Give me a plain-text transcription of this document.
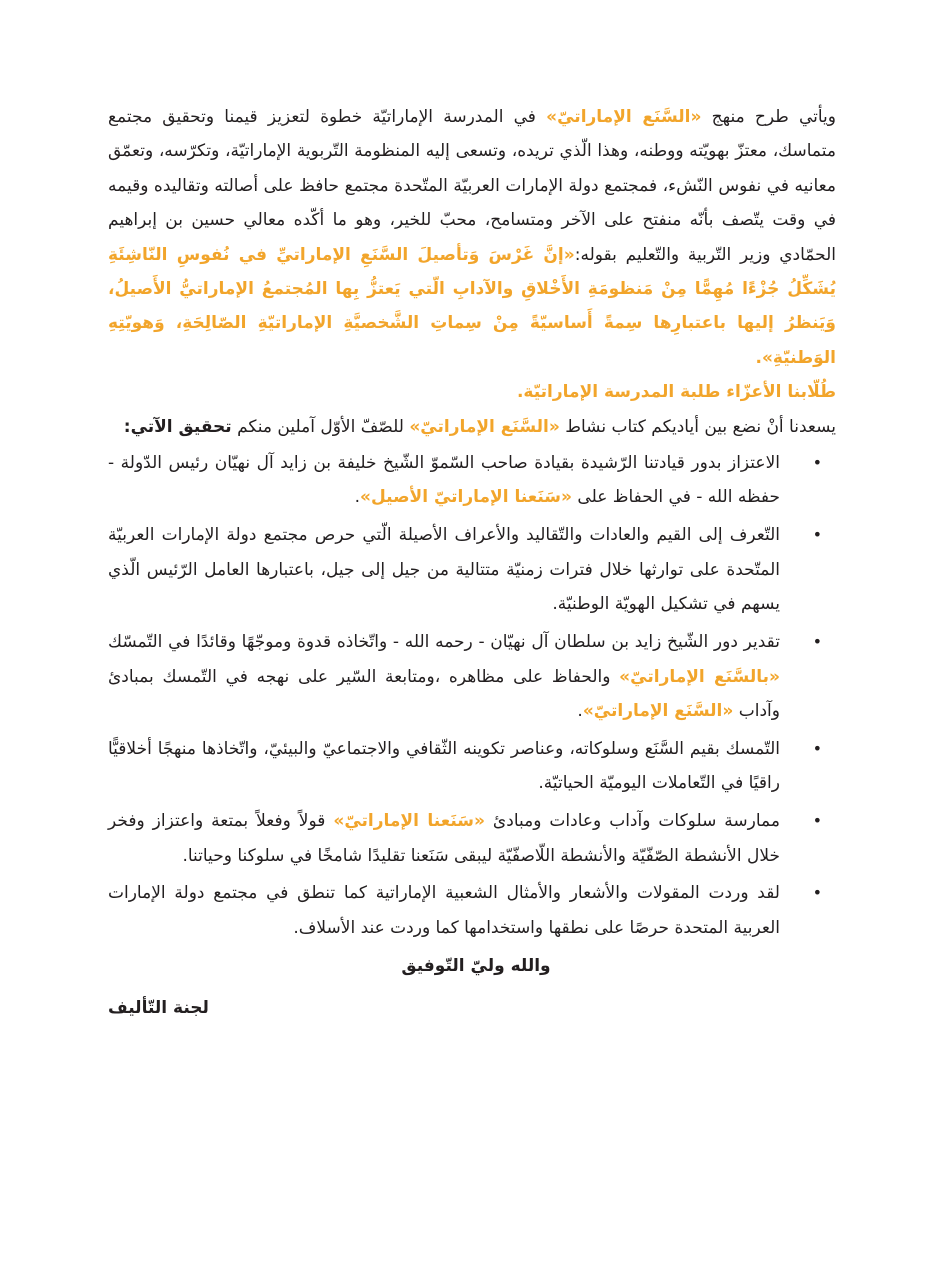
ويأتي طرح منهج «السَّنَع الإماراتيّ» في المدرسة الإماراتيّة خطوة لتعزيز قيمنا وتحقيق مجتمع متماسك، معتزّ بهويّته ووطنه، وهذا الّذي تريده، وتسعى إليه المنظومة التّربوية الإماراتيّة، وتكرّسه، وتعمّق معانيه في نفوس النّشء، فمجتمع دولة الإمارات العربيّة المتّحدة مجتمع حافظ على أصالته وتقاليده وقيمه في وقت يتّصف بأنّه منفتح على الآخر ومتسامح، محبّ للخير، وهو ما أكّده معالي حسين بن إبراهيم الحمّادي وزير التّربية والتّعليم بقوله:«إنَّ غَرْسَ وَتأصيلَ السَّنَعِ الإماراتيِّ في نُفوسِ النّاشِئَةِ يُشَكِّلُ جُزْءًا مُهِمًّا مِنْ مَنظومَةِ الأَخْلاقِ والآدابِ الّتي يَعتزُّ بِها المُجتمعُ الإماراتيُّ الأَصيلُ، وَيَنظرُ إليها باعتبارِها سِمةً أَساسيّةً مِنْ سِماتِ الشَّخصيَّةِ الإماراتيّةِ الصّالِحَةِ، وَهويّتِهِ الوَطنيّةِ».

طُلّابنا الأعزّاء طلبة المدرسة الإماراتيّة.

يسعدنا أنْ نضع بين أياديكم كتاب نشاط «السَّنَع الإماراتيّ» للصّفّ الأوّل آملين منكم تحقيق الآتي:

•
الاعتزاز بدور قيادتنا الرّشيدة بقيادة صاحب السّموّ الشّيخ خليفة بن زايد آل نهيّان رئيس الدّولة - حفظه الله - في الحفاظ على «سَنَعنا الإماراتيّ الأصيل».
•
التّعرف إلى القيم والعادات والتّقاليد والأعراف الأصيلة الّتي حرص مجتمع دولة الإمارات العربيّة المتّحدة على توارثها خلال فترات زمنيّة متتالية من جيل إلى جيل، باعتبارها العامل الرّئيس الّذي يسهم في تشكيل الهويّة الوطنيّة.
•
تقدير دور الشّيخ زايد بن سلطان آل نهيّان - رحمه الله - واتّخاذه قدوة وموجّهًا وقائدًا في التّمسّك «بالسَّنَع الإماراتيّ» والحفاظ على مظاهره ،ومتابعة السّير على نهجه في التّمسك بمبادئ وآداب «السَّنَع الإماراتيّ».
•
التّمسك بقيم السَّنَع وسلوكاته، وعناصر تكوينه الثّقافي والاجتماعيّ والبيئيّ، واتّخاذها منهجًا أخلاقيًّا راقيًا في التّعاملات اليوميّة الحياتيّة.
•
ممارسة سلوكات وآداب وعادات ومبادئ «سَنَعنا الإماراتيّ» قولاً وفعلاً بمتعة واعتزاز وفخر خلال الأنشطة الصّفّيّة والأنشطة اللّاصفّيّة ليبقى سَنَعنا تقليدًا شامخًا في سلوكنا وحياتنا.
•
لقد وردت المقولات والأشعار والأمثال الشعبية الإماراتية كما تنطق في مجتمع دولة الإمارات العربية المتحدة حرصًا على نطقها واستخدامها كما وردت عند الأسلاف.

والله وليّ التّوفيق

لجنة التّأليف
